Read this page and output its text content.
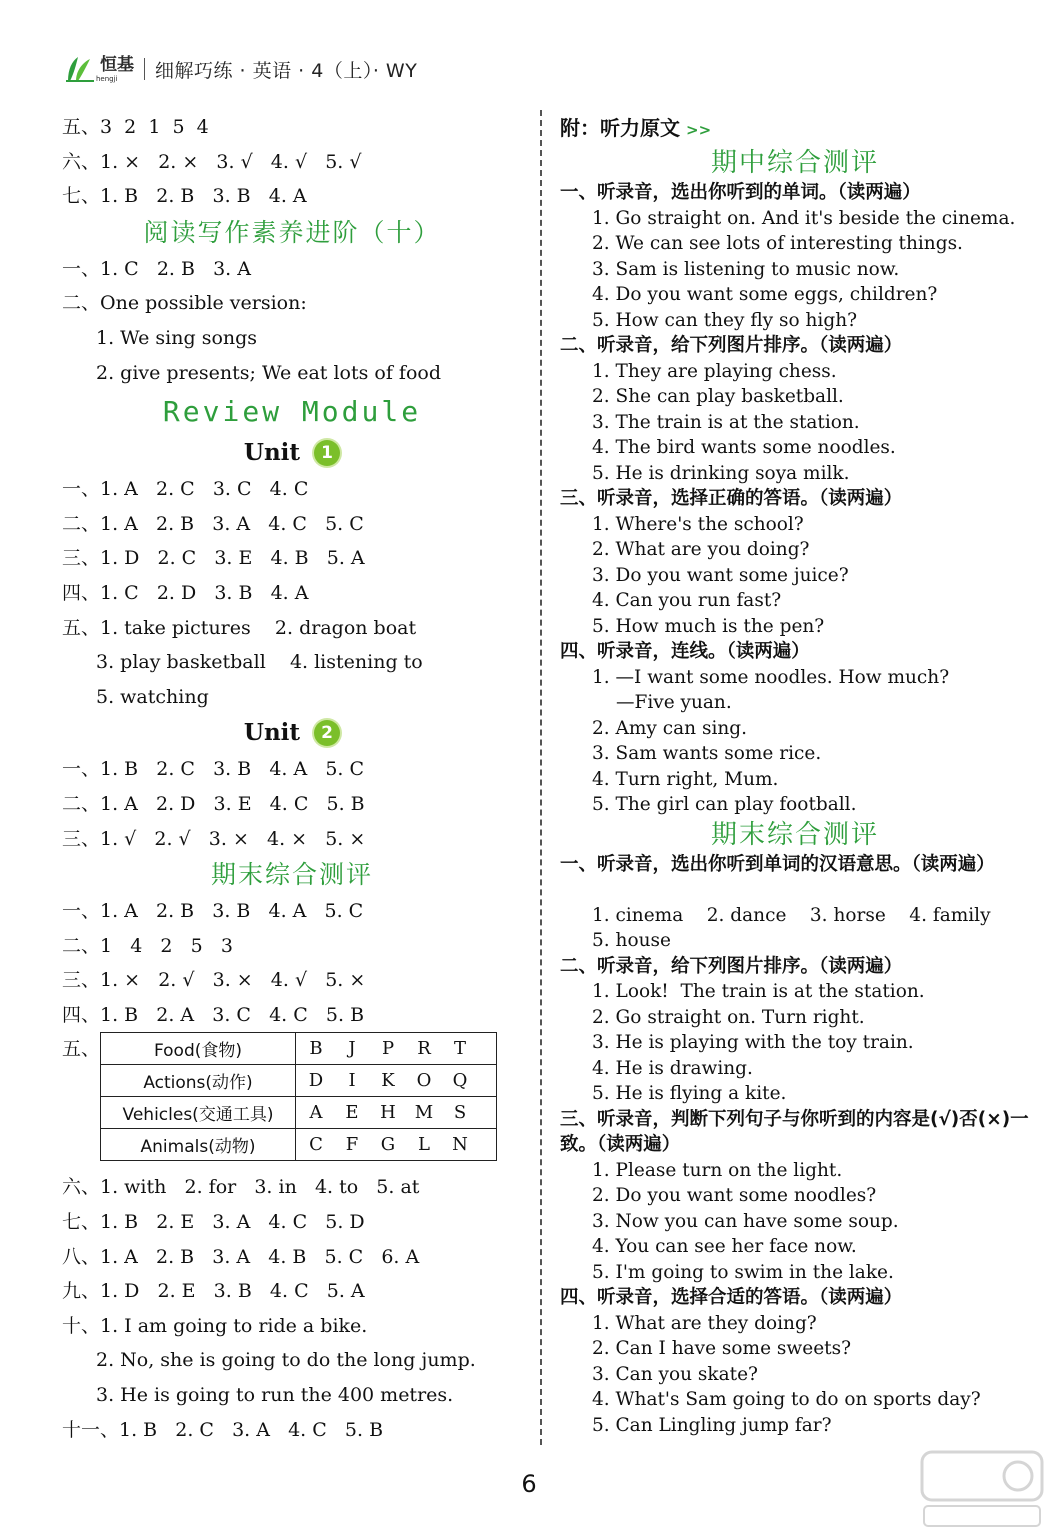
恒基
hengji	细解巧练 · 英语 · 4（上）· WY
五、3  2  1  5  4
六、1. ×   2. ×   3. √   4. √   5. √
七、1. B   2. B   3. B   4. A
阅读写作素养进阶（十）
一、1. C   2. B   3. A
二、One possible version:
1. We sing songs
2. give presents; We eat lots of food
Review Module
Unit 1
一、1. A   2. C   3. C   4. C
二、1. A   2. B   3. A   4. C   5. C
三、1. D   2. C   3. E   4. B   5. A
四、1. C   2. D   3. B   4. A
五、1. take pictures    2. dragon boat
3. play basketball    4. listening to
5. watching
Unit 2
一、1. B   2. C   3. B   4. A   5. C
二、1. A   2. D   3. E   4. C   5. B
三、1. √   2. √   3. ×   4. ×   5. ×
期末综合测评
一、1. A   2. B   3. B   4. A   5. C
二、1   4   2   5   3
三、1. ×   2. √   3. ×   4. √   5. ×
四、1. B   2. A   3. C   4. C   5. B
五、	Food(食物)	B J P R T
Actions(动作)	D I K O Q
Vehicles(交通工具)	A E H M S
Animals(动物)	C F G L N
六、1. with   2. for   3. in   4. to   5. at
七、1. B   2. E   3. A   4. C   5. D
八、1. A   2. B   3. A   4. B   5. C   6. A
九、1. D   2. E   3. B   4. C   5. A
十、1. I am going to ride a bike.
2. No, she is going to do the long jump.
3. He is going to run the 400 metres.
十一、1. B   2. C   3. A   4. C   5. B
附：听力原文 >>
期中综合测评
一、听录音，选出你听到的单词。（读两遍）
1. Go straight on. And it's beside the cinema.
2. We can see lots of interesting things.
3. Sam is listening to music now.
4. Do you want some eggs, children?
5. How can they fly so high?
二、听录音，给下列图片排序。（读两遍）
1. They are playing chess.
2. She can play basketball.
3. The train is at the station.
4. The bird wants some noodles.
5. He is drinking soya milk.
三、听录音，选择正确的答语。（读两遍）
1. Where's the school?
2. What are you doing?
3. Do you want some juice?
4. Can you run fast?
5. How much is the pen?
四、听录音，连线。（读两遍）
1. —I want some noodles. How much?
—Five yuan.
2. Amy can sing.
3. Sam wants some rice.
4. Turn right, Mum.
5. The girl can play football.
期末综合测评
一、听录音，选出你听到单词的汉语意思。（读两遍）
1. cinema    2. dance    3. horse    4. family
5. house
二、听录音，给下列图片排序。（读两遍）
1. Look!  The train is at the station.
2. Go straight on. Turn right.
3. He is playing with the toy train.
4. He is drawing.
5. He is flying a kite.
三、听录音，判断下列句子与你听到的内容是(√)否(×)一致。（读两遍）
1. Please turn on the light.
2. Do you want some noodles?
3. Now you can have some soup.
4. You can see her face now.
5. I'm going to swim in the lake.
四、听录音，选择合适的答语。（读两遍）
1. What are they doing?
2. Can I have some sweets?
3. Can you skate?
4. What's Sam going to do on sports day?
5. Can Lingling jump far?
6
